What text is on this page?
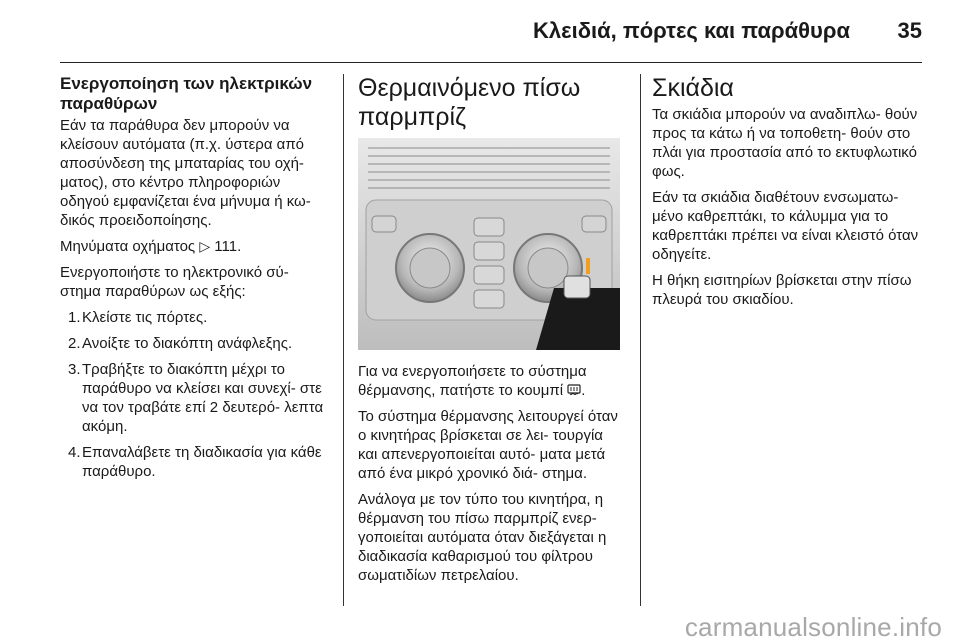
Κλειδιά, πόρτες και παράθυρα 35
Ενεργοποίηση των ηλεκτρικών παραθύρων

Εάν τα παράθυρα δεν μπορούν να κλείσουν αυτόματα (π.χ. ύστερα από αποσύνδεση της μπαταρίας του οχή- ματος), στο κέντρο πληροφοριών οδηγού εμφανίζεται ένα μήνυμα ή κω- δικός προειδοποίησης.

Μηνύματα οχήματος ▷ 111.

Ενεργοποιήστε το ηλεκτρονικό σύ- στημα παραθύρων ως εξής:

1. Κλείστε τις πόρτες.
2. Ανοίξτε το διακόπτη ανάφλεξης.
3. Τραβήξτε το διακόπτη μέχρι το παράθυρο να κλείσει και συνεχί- στε να τον τραβάτε επί 2 δευτερό- λεπτα ακόμη.
4. Επαναλάβετε τη διαδικασία για κάθε παράθυρο.
Θερμαινόμενο πίσω παρμπρίζ

Για να ενεργοποιήσετε το σύστημα θέρμανσης, πατήστε το κουμπί .

Το σύστημα θέρμανσης λειτουργεί όταν ο κινητήρας βρίσκεται σε λει- τουργία και απενεργοποιείται αυτό- ματα μετά από ένα μικρό χρονικό διά- στημα.

Ανάλογα με τον τύπο του κινητήρα, η θέρμανση του πίσω παρμπρίζ ενερ- γοποιείται αυτόματα όταν διεξάγεται η διαδικασία καθαρισμού του φίλτρου σωματιδίων πετρελαίου.

Σκιάδια

Τα σκιάδια μπορούν να αναδιπλω- θούν προς τα κάτω ή να τοποθετη- θούν στο πλάι για προστασία από το εκτυφλωτικό φως.

Εάν τα σκιάδια διαθέτουν ενσωματω- μένο καθρεπτάκι, το κάλυμμα για το καθρεπτάκι πρέπει να είναι κλειστό όταν οδηγείτε.

Η θήκη εισιτηρίων βρίσκεται στην πίσω πλευρά του σκιαδίου.

carmanualsonline.info
